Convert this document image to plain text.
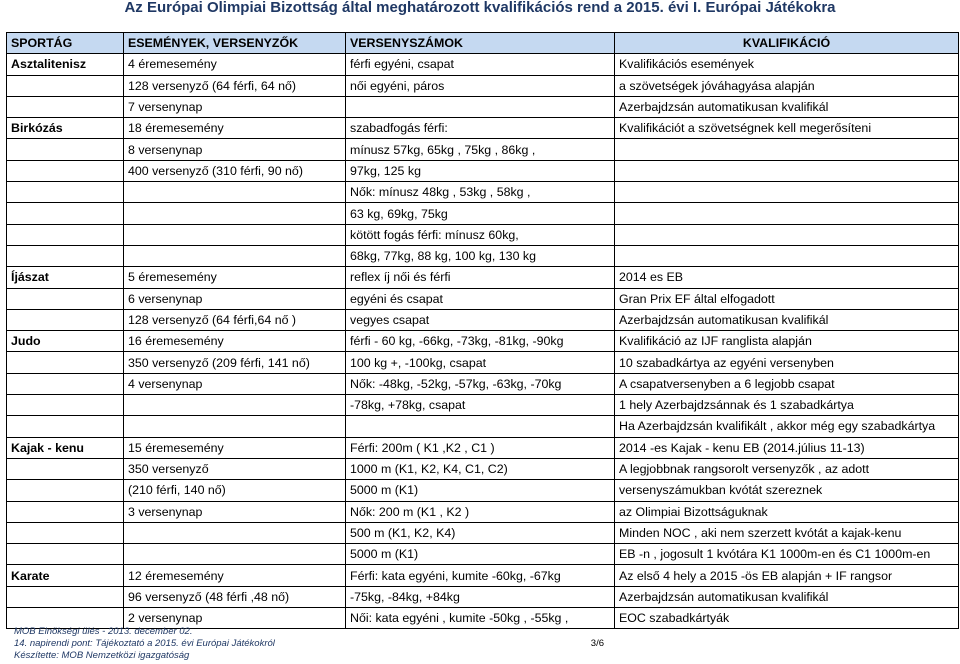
Az Európai Olimpiai Bizottság által meghatározott kvalifikációs rend a 2015. évi I. Európai Játékokra
SPORTÁG	ESEMÉNYEK, VERSENYZŐK	VERSENYSZÁMOK	KVALIFIKÁCIÓ
Asztalitenisz	4 éremesemény	férfi egyéni, csapat	Kvalifikációs események
	128 versenyző (64 férfi, 64 nő)	női egyéni, páros	a szövetségek jóváhagyása alapján
	7 versenynap		Azerbajdzsán automatikusan kvalifikál
Birkózás	18 éremesemény	szabadfogás férfi:	Kvalifikációt a szövetségnek kell megerősíteni
	8 versenynap	mínusz 57kg, 65kg , 75kg , 86kg ,	
	400 versenyző (310 férfi, 90 nő)	97kg, 125 kg	
		Nők: mínusz 48kg , 53kg , 58kg ,	
		63 kg, 69kg, 75kg	
		kötött fogás férfi: mínusz 60kg,	
		68kg, 77kg, 88 kg, 100 kg, 130 kg	
Íjászat	5 éremesemény	reflex íj női és férfi	2014 es EB
	6 versenynap	egyéni és csapat	Gran Prix EF által elfogadott
	128 versenyző (64 férfi,64 nő )	vegyes csapat	Azerbajdzsán automatikusan kvalifikál
Judo	16 éremesemény	férfi - 60 kg, -66kg, -73kg, -81kg, -90kg	Kvalifikáció az IJF ranglista alapján
	350 versenyző (209 férfi, 141 nő)	100 kg +, -100kg, csapat	10 szabadkártya az egyéni versenyben
	4 versenynap	Nők: -48kg, -52kg, -57kg, -63kg, -70kg	A csapatversenyben a 6 legjobb csapat
		-78kg, +78kg, csapat	1 hely Azerbajdzsánnak és 1 szabadkártya
			Ha Azerbajdzsán kvalifikált , akkor még egy szabadkártya
Kajak - kenu	15 éremesemény	Férfi: 200m ( K1 ,K2 , C1 )	2014 -es Kajak - kenu EB (2014.július 11-13)
	350 versenyző	1000 m (K1, K2, K4, C1, C2)	A legjobbnak rangsorolt versenyzők , az adott
	(210 férfi, 140 nő)	5000 m (K1)	versenyszámukban kvótát szereznek
	3 versenynap	Nők: 200 m (K1 , K2 )	az Olimpiai Bizottságuknak
		500 m (K1, K2, K4)	Minden NOC , aki nem szerzett kvótát a kajak-kenu
		5000 m (K1)	EB -n , jogosult 1 kvótára K1 1000m-en és C1 1000m-en
Karate	12 éremesemény	Férfi: kata egyéni, kumite -60kg, -67kg	Az első 4 hely a 2015 -ös EB alapján + IF rangsor
	96 versenyző (48 férfi ,48 nő)	-75kg, -84kg, +84kg	Azerbajdzsán automatikusan kvalifikál
	2 versenynap	Női: kata egyéni , kumite -50kg , -55kg ,	EOC szabadkártyák
MOB Elnökségi ülés - 2013. december 02.
14. napirendi pont: Tájékoztató a 2015. évi Európai Játékokról
Készítette: MOB Nemzetközi igazgatóság
3/6
